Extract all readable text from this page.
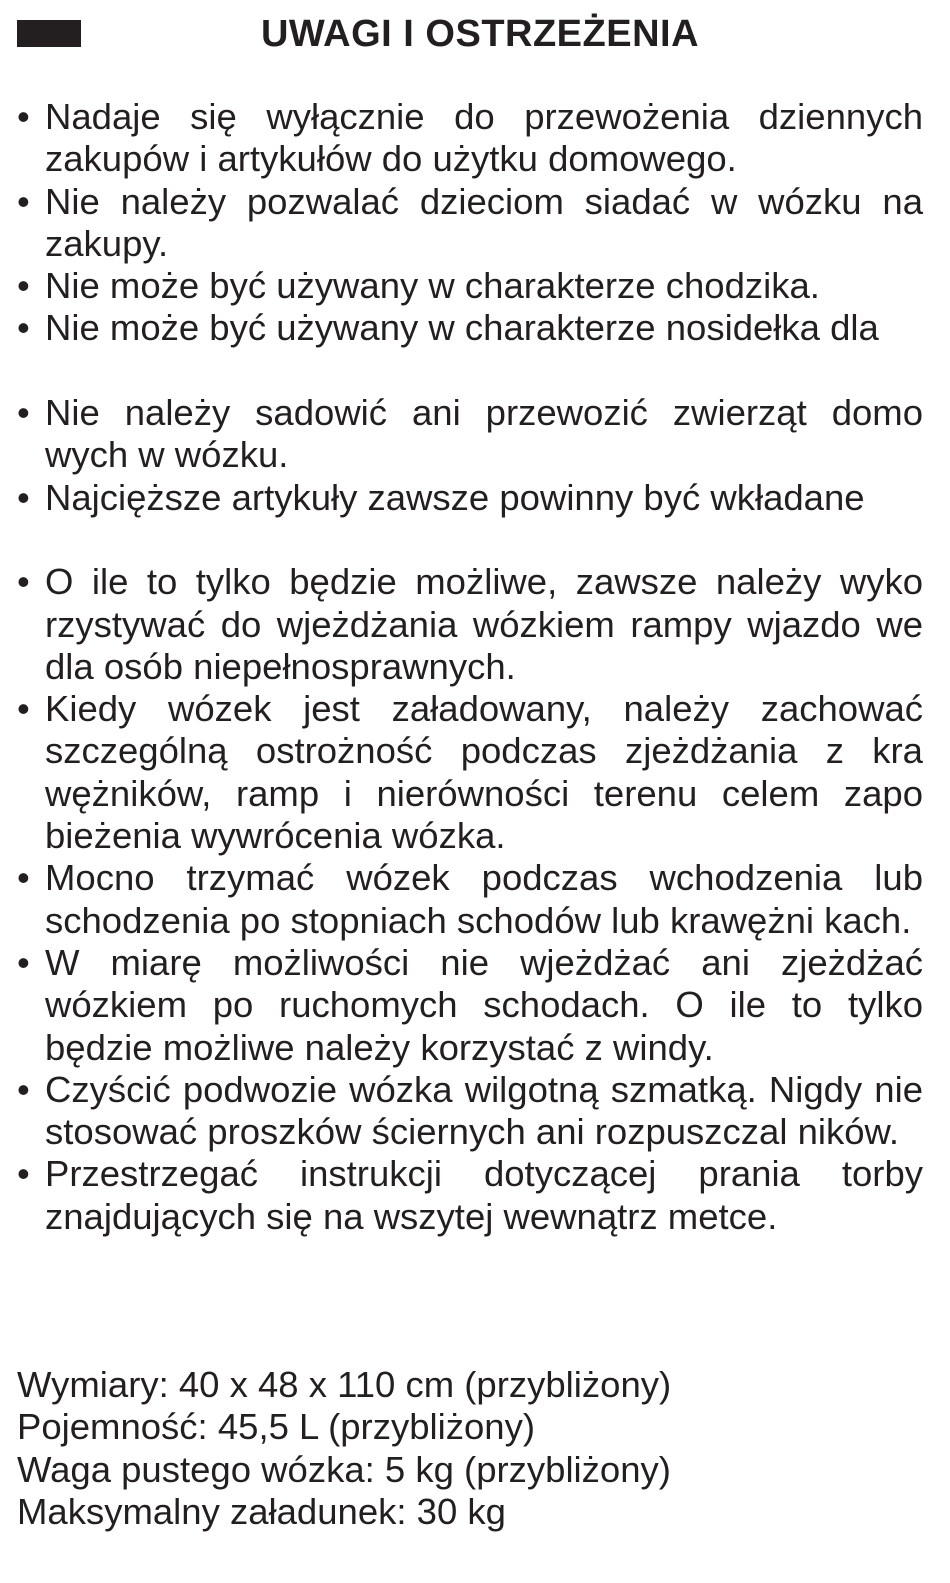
UWAGI I OSTRZEŻENIA
• Nadaje się wyłącznie do przewożenia dziennych zakupów i artykułów do użytku domowego.
• Nie należy pozwalać dzieciom siadać w wózku na zakupy.
• Nie może być używany w charakterze chodzika.
• Nie może być używany w charakterze nosidełka dla
• Nie należy sadowić ani przewozić zwierząt domo wych w wózku.
• Najcięższe artykuły zawsze powinny być wkładane
• O ile to tylko będzie możliwe, zawsze należy wyko rzystywać do wjeżdżania wózkiem rampy wjazdo we dla osób niepełnosprawnych.
• Kiedy wózek jest załadowany, należy zachować szczególną ostrożność podczas zjeżdżania z kra wężników, ramp i nierówności terenu celem zapo bieżenia wywrócenia wózka.
• Mocno trzymać wózek podczas wchodzenia lub schodzenia po stopniach schodów lub krawężni kach.
• W miarę możliwości nie wjeżdżać ani zjeżdżać wózkiem po ruchomych schodach. O ile to tylko będzie możliwe należy korzystać z windy.
• Czyścić podwozie wózka wilgotną szmatką. Nigdy nie stosować proszków ściernych ani rozpuszczal ników.
• Przestrzegać instrukcji dotyczącej prania torby znajdujących się na wszytej wewnątrz metce.
Wymiary: 40 x 48 x 110 cm (przybliżony)
Pojemność: 45,5 L (przybliżony)
Waga pustego wózka: 5 kg (przybliżony)
Maksymalny załadunek: 30 kg
